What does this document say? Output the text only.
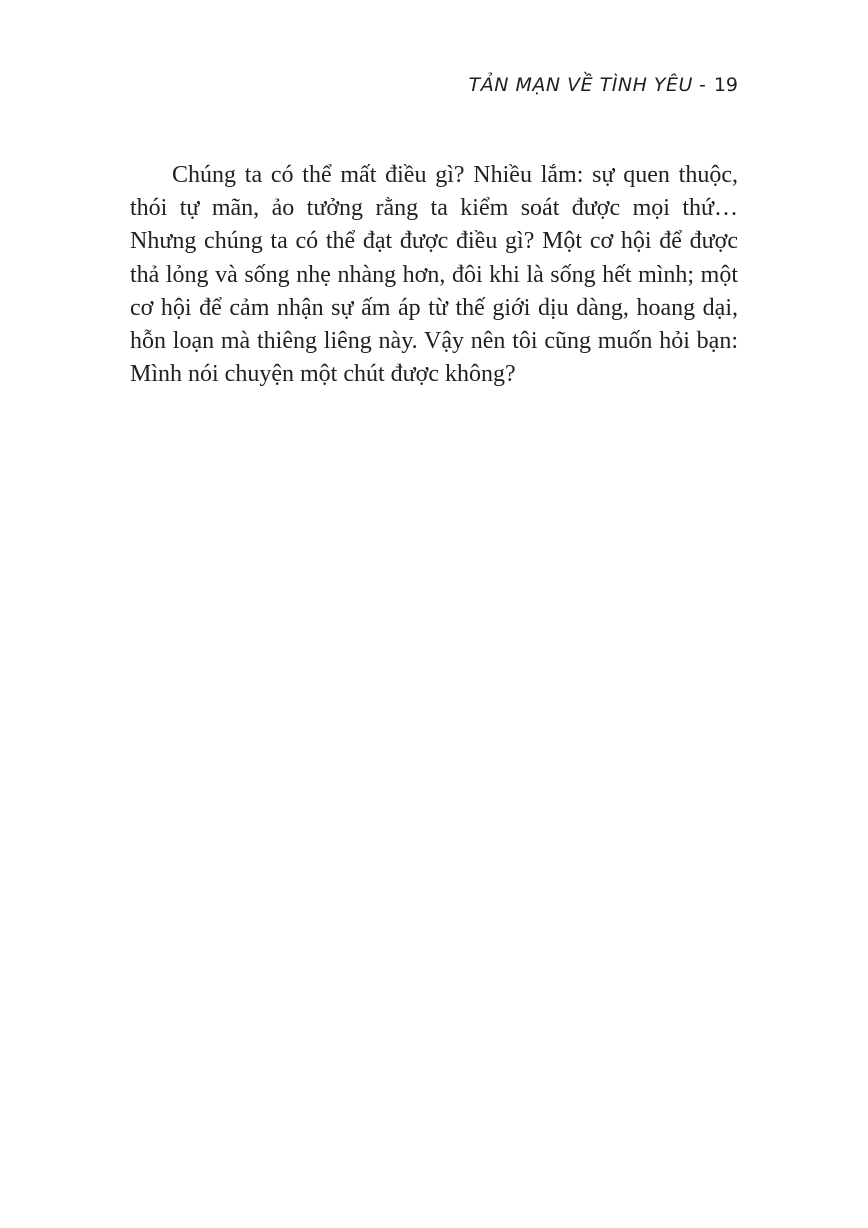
TẢN MẠN VỀ TÌNH YÊU - 19

Chúng ta có thể mất điều gì? Nhiều lắm: sự quen thuộc, thói tự mãn, ảo tưởng rằng ta kiểm soát được mọi thứ… Nhưng chúng ta có thể đạt được điều gì? Một cơ hội để được thả lỏng và sống nhẹ nhàng hơn, đôi khi là sống hết mình; một cơ hội để cảm nhận sự ấm áp từ thế giới dịu dàng, hoang dại, hỗn loạn mà thiêng liêng này. Vậy nên tôi cũng muốn hỏi bạn: Mình nói chuyện một chút được không?
